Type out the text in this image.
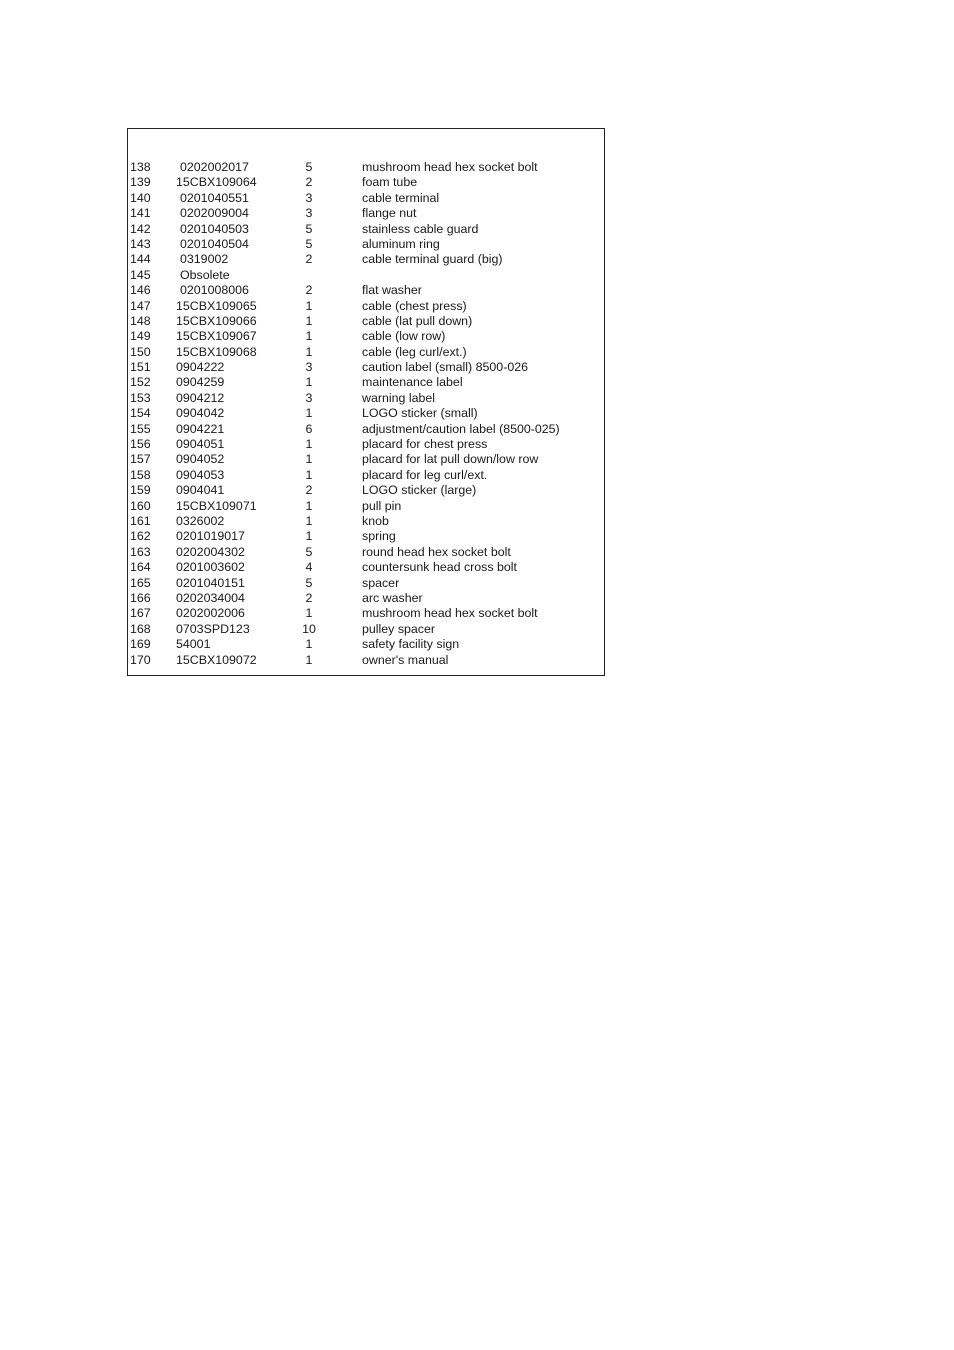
138 0202002017	5	mushroom head hex socket bolt
139 15CBX109064	2	foam tube
140 0201040551	3	cable terminal
141 0202009004	3	flange nut
142 0201040503	5	stainless cable guard
143 0201040504	5	aluminum ring
144 0319002	2	cable terminal guard (big)
145 Obsolete
146 0201008006	2	flat washer
147 15CBX109065	1	cable (chest press)
148 15CBX109066	1	cable (lat pull down)
149 15CBX109067	1	cable (low row)
150 15CBX109068	1	cable (leg curl/ext.)
151 0904222	3	caution label (small) 8500-026
152 0904259	1	maintenance label
153 0904212	3	warning label
154 0904042	1	LOGO sticker (small)
155 0904221	6	adjustment/caution label (8500-025)
156 0904051	1	placard for chest press
157 0904052	1	placard for lat pull down/low row
158 0904053	1	placard for leg curl/ext.
159 0904041	2	LOGO sticker (large)
160 15CBX109071	1	pull pin
161 0326002	1	knob
162 0201019017	1	spring
163 0202004302	5	round head hex socket bolt
164 0201003602	4	countersunk head cross bolt
165 0201040151	5	spacer
166 0202034004	2	arc washer
167 0202002006	1	mushroom head hex socket bolt
168 0703SPD123	10	pulley spacer
169 54001	1	safety facility sign
170 15CBX109072	1	owner's manual
